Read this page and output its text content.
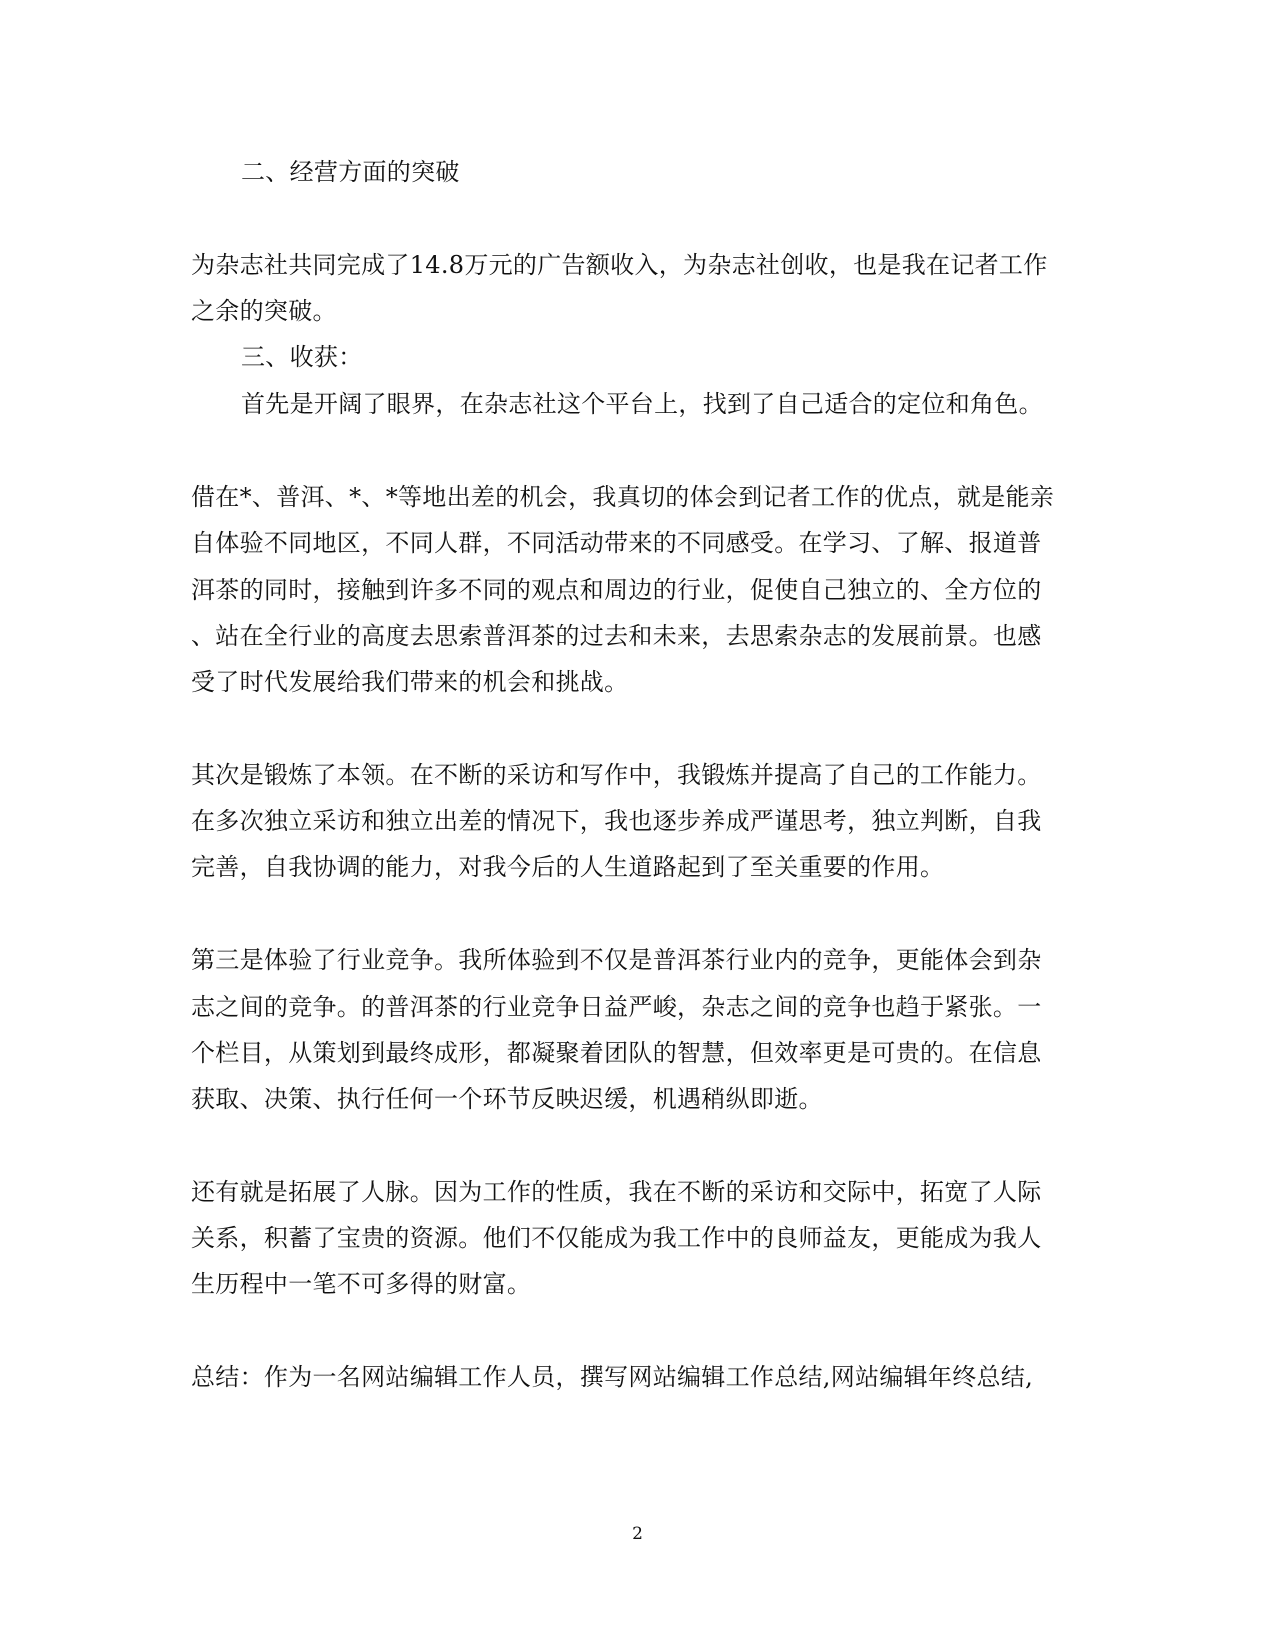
二、经营方面的突破
为杂志社共同完成了14.8万元的广告额收入，为杂志社创收，也是我在记者工作
之余的突破。
三、收获：
首先是开阔了眼界，在杂志社这个平台上，找到了自己适合的定位和角色。
借在*、普洱、*、*等地出差的机会，我真切的体会到记者工作的优点，就是能亲
自体验不同地区，不同人群，不同活动带来的不同感受。在学习、了解、报道普
洱茶的同时，接触到许多不同的观点和周边的行业，促使自己独立的、全方位的
、站在全行业的高度去思索普洱茶的过去和未来，去思索杂志的发展前景。也感
受了时代发展给我们带来的机会和挑战。
其次是锻炼了本领。在不断的采访和写作中，我锻炼并提高了自己的工作能力。
在多次独立采访和独立出差的情况下，我也逐步养成严谨思考，独立判断，自我
完善，自我协调的能力，对我今后的人生道路起到了至关重要的作用。
第三是体验了行业竞争。我所体验到不仅是普洱茶行业内的竞争，更能体会到杂
志之间的竞争。的普洱茶的行业竞争日益严峻，杂志之间的竞争也趋于紧张。一
个栏目，从策划到最终成形，都凝聚着团队的智慧，但效率更是可贵的。在信息
获取、决策、执行任何一个环节反映迟缓，机遇稍纵即逝。
还有就是拓展了人脉。因为工作的性质，我在不断的采访和交际中，拓宽了人际
关系，积蓄了宝贵的资源。他们不仅能成为我工作中的良师益友，更能成为我人
生历程中一笔不可多得的财富。
总结：作为一名网站编辑工作人员，撰写网站编辑工作总结,网站编辑年终总结,
2
